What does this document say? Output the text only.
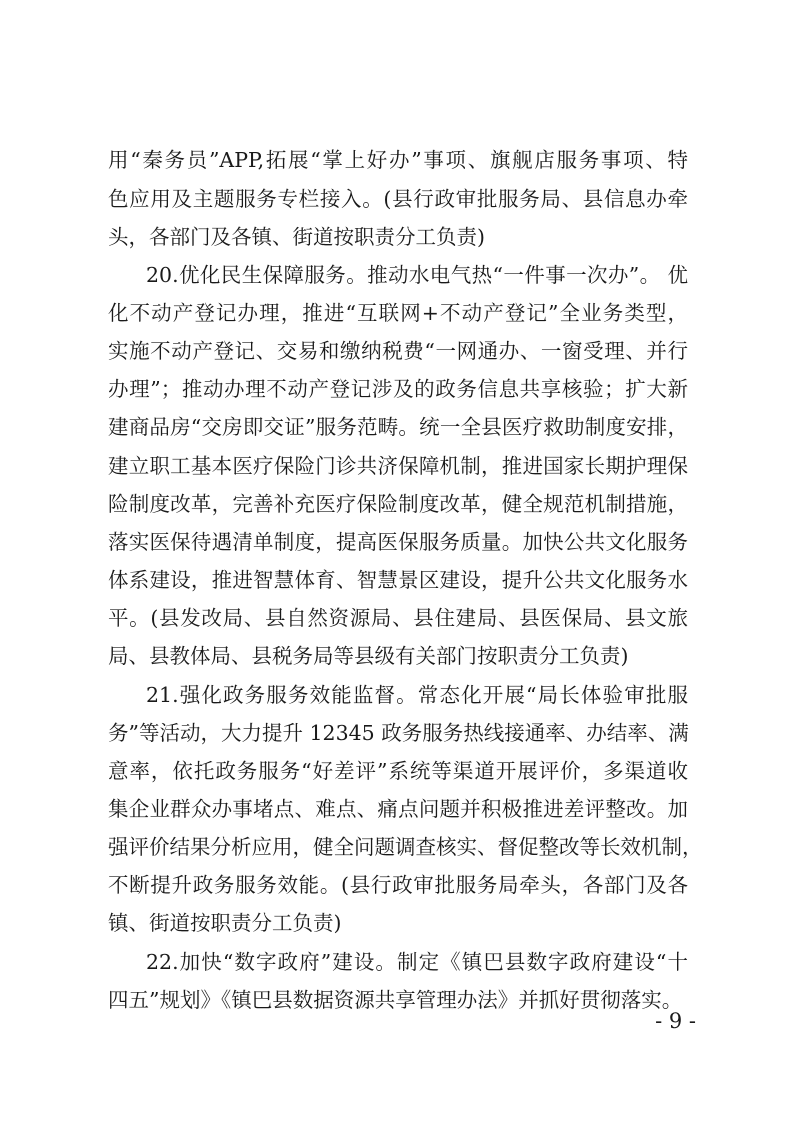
用“秦务员”APP,拓展“掌上好办”事项、旗舰店服务事项、特
色应用及主题服务专栏接入。(县行政审批服务局、县信息办牵
头，各部门及各镇、街道按职责分工负责)
20.优化民生保障服务。推动水电气热“一件事一次办”。 优
化不动产登记办理，推进“互联网+不动产登记”全业务类型，
实施不动产登记、交易和缴纳税费“一网通办、一窗受理、并行
办理”；推动办理不动产登记涉及的政务信息共享核验；扩大新
建商品房“交房即交证”服务范畴。统一全县医疗救助制度安排，
建立职工基本医疗保险门诊共济保障机制，推进国家长期护理保
险制度改革，完善补充医疗保险制度改革，健全规范机制措施，
落实医保待遇清单制度，提高医保服务质量。加快公共文化服务
体系建设，推进智慧体育、智慧景区建设，提升公共文化服务水
平。(县发改局、县自然资源局、县住建局、县医保局、县文旅
局、县教体局、县税务局等县级有关部门按职责分工负责)
21.强化政务服务效能监督。常态化开展“局长体验审批服
务”等活动，大力提升 12345 政务服务热线接通率、办结率、满
意率，依托政务服务“好差评”系统等渠道开展评价，多渠道收
集企业群众办事堵点、难点、痛点问题并积极推进差评整改。加
强评价结果分析应用，健全问题调查核实、督促整改等长效机制，
不断提升政务服务效能。(县行政审批服务局牵头，各部门及各
镇、街道按职责分工负责)
22.加快“数字政府”建设。制定《镇巴县数字政府建设“十
四五”规划》《镇巴县数据资源共享管理办法》并抓好贯彻落实。
- 9 -
